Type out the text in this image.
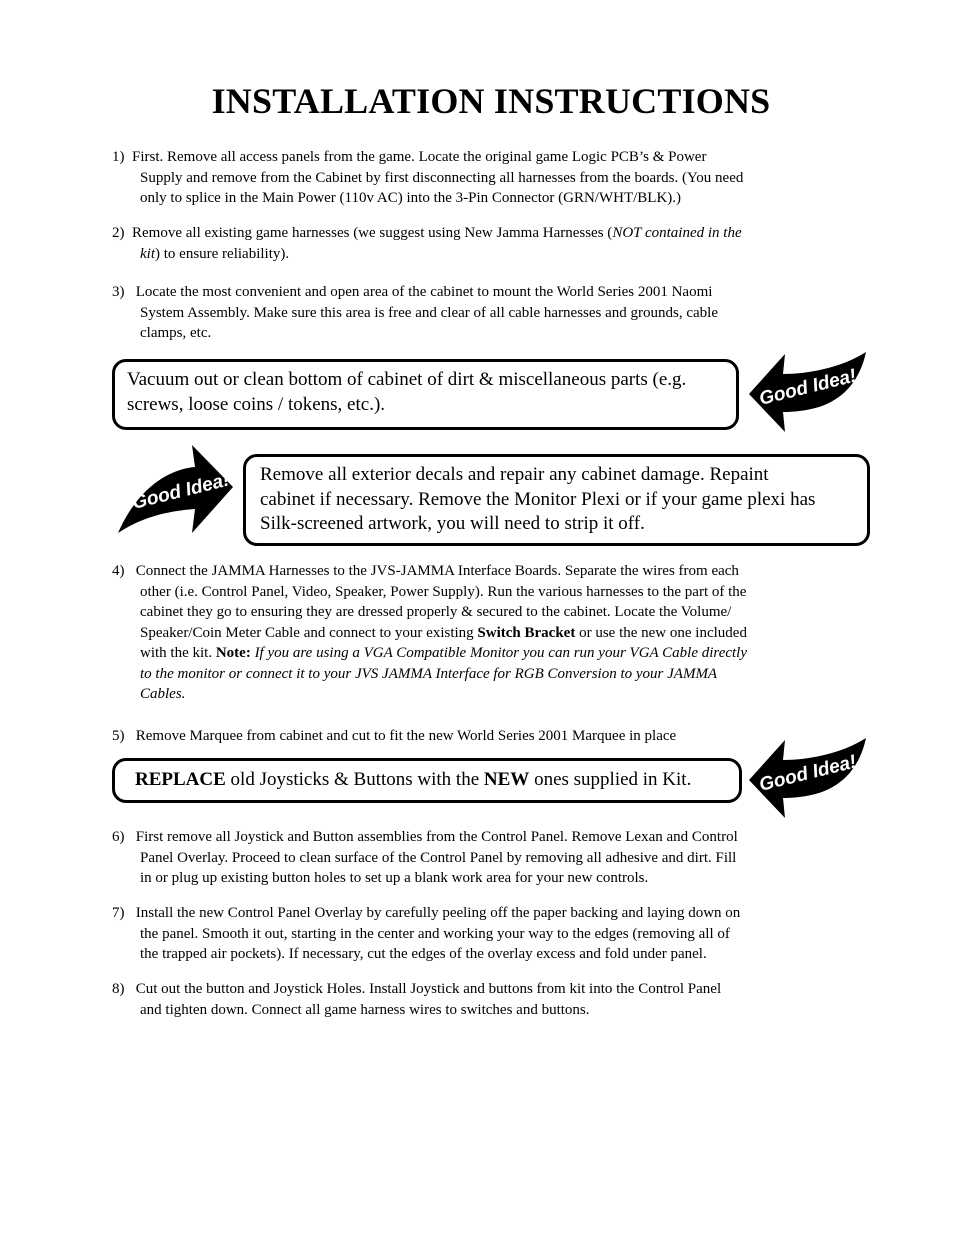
INSTALLATION INSTRUCTIONS
1) First. Remove all access panels from the game. Locate the original game Logic PCB’s & Power
Supply and remove from the Cabinet by first disconnecting all harnesses from the boards. (You need
only to splice in the Main Power (110v AC) into the 3-Pin Connector (GRN/WHT/BLK).)
2) Remove all existing game harnesses (we suggest using New Jamma Harnesses (NOT contained in the
kit) to ensure reliability).
3) Locate the most convenient and open area of the cabinet to mount the World Series 2001 Naomi
System Assembly. Make sure this area is free and clear of all cable harnesses and grounds, cable
clamps, etc.
Vacuum out or clean bottom of cabinet of dirt & miscellaneous parts (e.g.
screws, loose coins / tokens, etc.).	Good Idea!
Good Idea! Remove all exterior decals and repair any cabinet damage. Repaint
cabinet if necessary. Remove the Monitor Plexi or if your game plexi has
Silk-screened artwork, you will need to strip it off.
4) Connect the JAMMA Harnesses to the JVS-JAMMA Interface Boards. Separate the wires from each
other (i.e. Control Panel, Video, Speaker, Power Supply). Run the various harnesses to the part of the
cabinet they go to ensuring they are dressed properly & secured to the cabinet. Locate the Volume/
Speaker/Coin Meter Cable and connect to your existing Switch Bracket or use the new one included
with the kit. Note: If you are using a VGA Compatible Monitor you can run your VGA Cable directly
to the monitor or connect it to your JVS JAMMA Interface for RGB Conversion to your JAMMA
Cables.
5) Remove Marquee from cabinet and cut to fit the new World Series 2001 Marquee in place
REPLACE old Joysticks & Buttons with the NEW ones supplied in Kit.	Good Idea!
6) First remove all Joystick and Button assemblies from the Control Panel. Remove Lexan and Control
Panel Overlay. Proceed to clean surface of the Control Panel by removing all adhesive and dirt. Fill
in or plug up existing button holes to set up a blank work area for your new controls.
7) Install the new Control Panel Overlay by carefully peeling off the paper backing and laying down on
the panel. Smooth it out, starting in the center and working your way to the edges (removing all of
the trapped air pockets). If necessary, cut the edges of the overlay excess and fold under panel.
8) Cut out the button and Joystick Holes. Install Joystick and buttons from kit into the Control Panel
and tighten down. Connect all game harness wires to switches and buttons.
